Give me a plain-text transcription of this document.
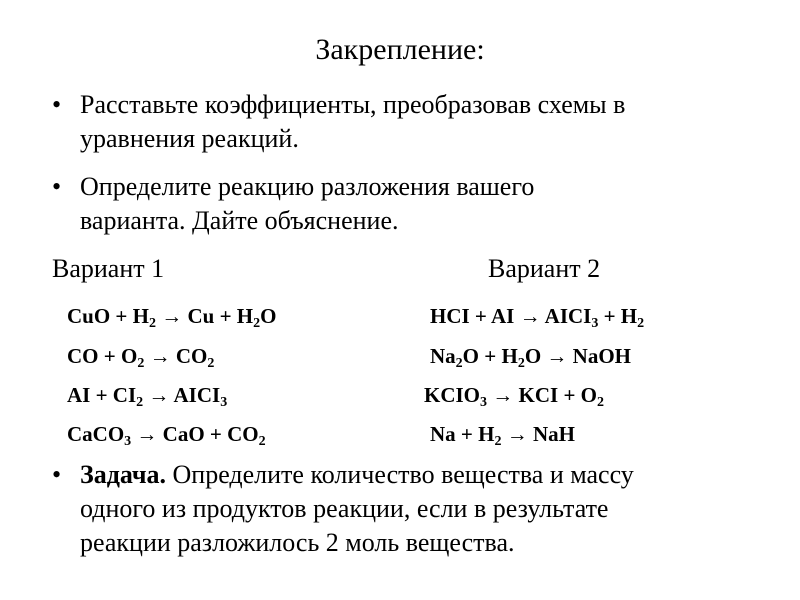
Закрепление:
• Расставьте коэффициенты, преобразовав схемы в
уравнения реакций.
• Определите реакцию разложения вашего
варианта. Дайте объяснение.
Вариант 1	Вариант 2
CuO + $H_2 \to Cu + H_2O$
CO + $O_2 \to CO_2$
AI + $CI_2$ → $AICI_3$
CaCO$_3$ → CaO + $CO_2$
HCI + AI → $AICI_3 + H_2$
$Na_2O + H_2O$ → NaOH
$KCIO_3$ → KCI + $O_2$
$Na + H_2$ → NaH
• Задача. Определите количество вещества и массу
одного из продуктов реакции, если в результате
реакции разложилось 2 моль вещества.
